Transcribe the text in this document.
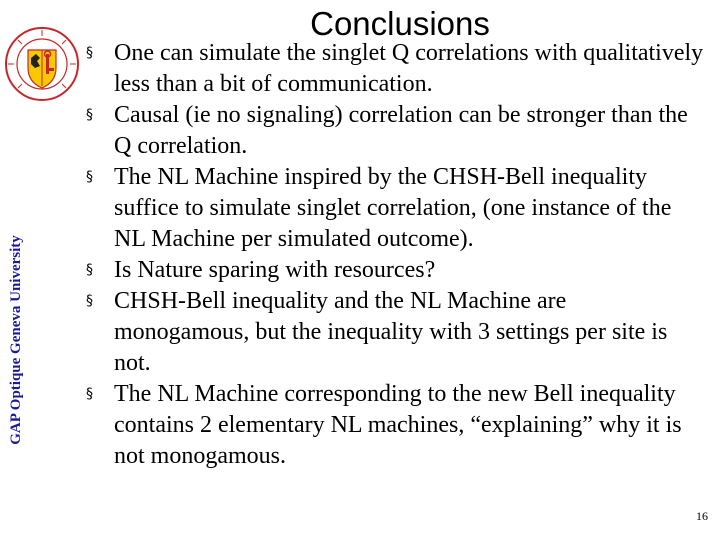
Conclusions
GAP Optique Geneva University
§ One can simulate the singlet Q correlations with qualitatively less than a bit of communication.
§ Causal (ie no signaling) correlation can be stronger than the Q correlation.
§ The NL Machine inspired by the CHSH-Bell inequality suffice to simulate singlet correlation, (one instance of the NL Machine per simulated outcome).
§ Is Nature sparing with resources?
§ CHSH-Bell inequality and the NL Machine are monogamous, but the inequality with 3 settings per site is not.
§ The NL Machine corresponding to the new Bell inequality contains 2 elementary NL machines, “explaining” why it is not monogamous.
16
